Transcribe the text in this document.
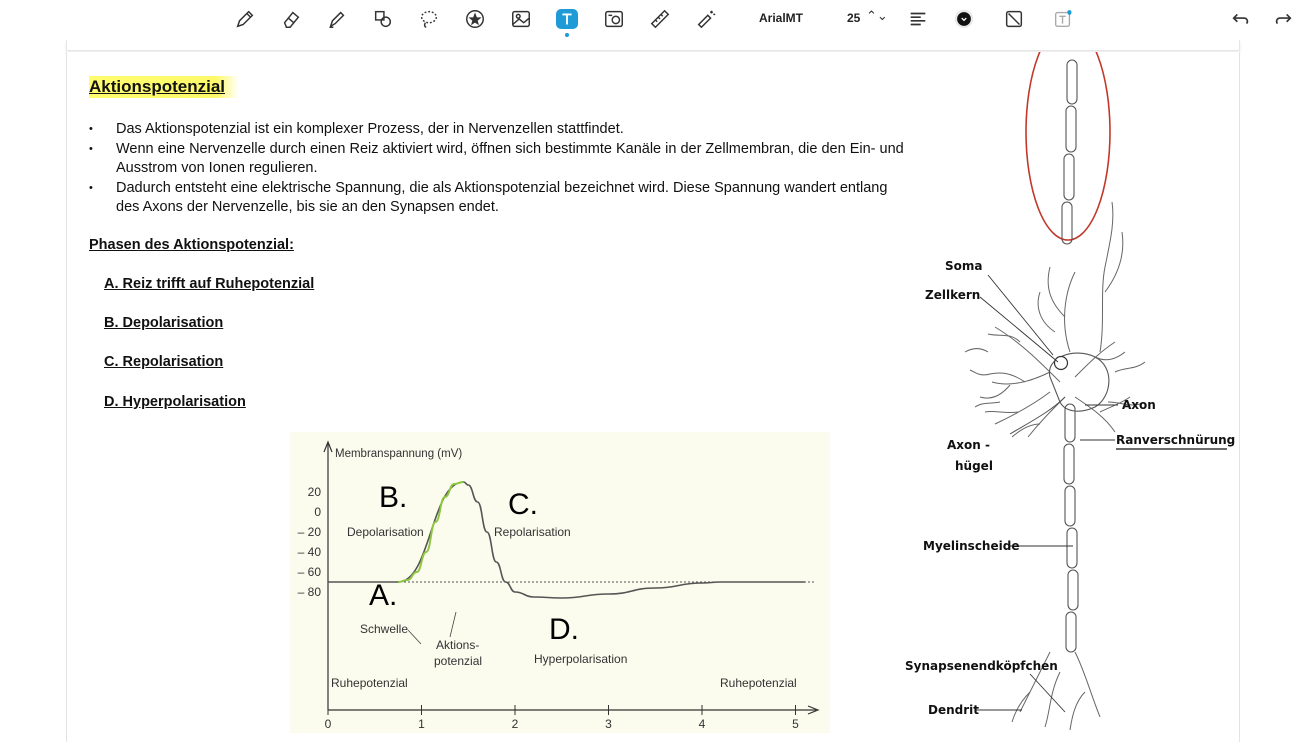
ArialMT	25 ⌃⌄
Aktionspotenzial
• Das Aktionspotenzial ist ein komplexer Prozess, der in Nervenzellen stattfindet.
• Wenn eine Nervenzelle durch einen Reiz aktiviert wird, öffnen sich bestimmte Kanäle in der Zellmembran, die den Ein- und Ausstrom von Ionen regulieren.
• Dadurch entsteht eine elektrische Spannung, die als Aktionspotenzial bezeichnet wird. Diese Spannung wandert entlang des Axons der Nervenzelle, bis sie an den Synapsen endet.
Phasen des Aktionspotenzial:
A. Reiz trifft auf Ruhepotenzial
B. Depolarisation
C. Repolarisation
D. Hyperpolarisation
Membranspannung (mV)
20
0
– 20
– 40
– 60
– 80
0	1	2	3	4	5
B.
Depolarisation
C.
Repolarisation
A.
Schwelle
Aktions-
potenzial
D.
Hyperpolarisation
Ruhepotenzial	Ruhepotenzial
Soma
Zellkern
Axon
Axon -
hügel
Ranverschnürung
Myelinscheide
Synapsenendköpfchen
Dendrit
